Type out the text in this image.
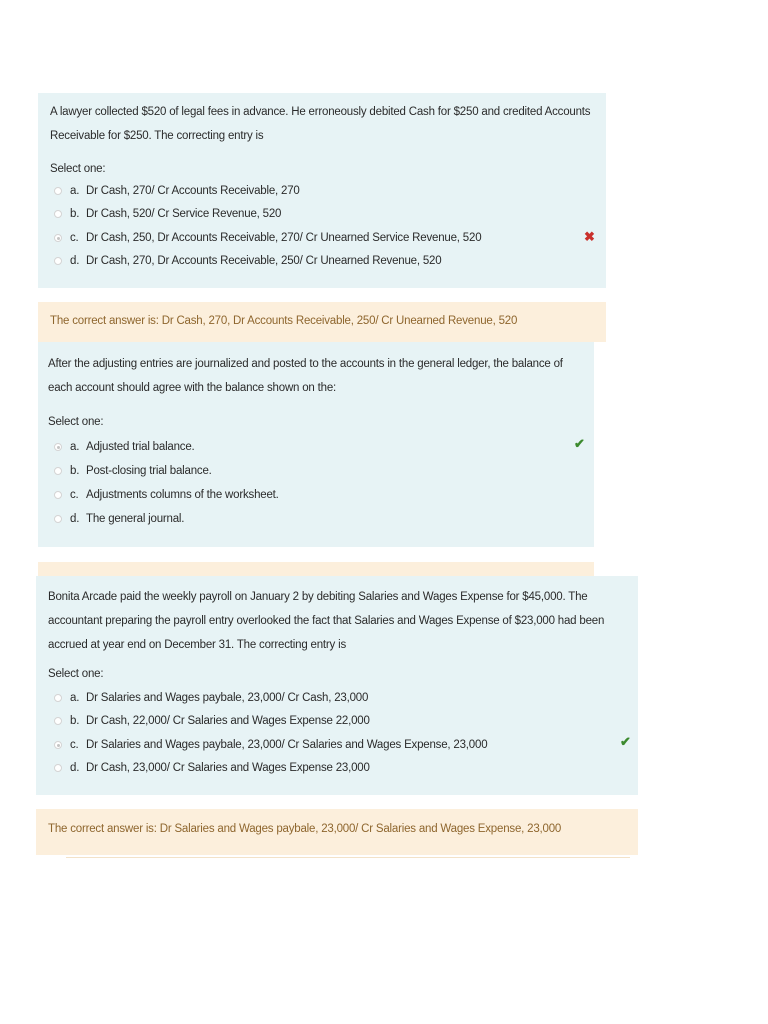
A lawyer collected $520 of legal fees in advance. He erroneously debited Cash for $250 and credited Accounts Receivable for $250. The correcting entry is
Select one:
a. Dr Cash, 270/ Cr Accounts Receivable, 270
b. Dr Cash, 520/ Cr Service Revenue, 520
c. Dr Cash, 250, Dr Accounts Receivable, 270/ Cr Unearned Service Revenue, 520
d. Dr Cash, 270, Dr Accounts Receivable, 250/ Cr Unearned Revenue, 520
✖
The correct answer is: Dr Cash, 270, Dr Accounts Receivable, 250/ Cr Unearned Revenue, 520
After the adjusting entries are journalized and posted to the accounts in the general ledger, the balance of each account should agree with the balance shown on the:
Select one:
a. Adjusted trial balance.
b. Post-closing trial balance.
c. Adjustments columns of the worksheet.
d. The general journal.
✔
Bonita Arcade paid the weekly payroll on January 2 by debiting Salaries and Wages Expense for $45,000. The accountant preparing the payroll entry overlooked the fact that Salaries and Wages Expense of $23,000 had been accrued at year end on December 31. The correcting entry is
Select one:
a. Dr Salaries and Wages paybale, 23,000/ Cr Cash, 23,000
b. Dr Cash, 22,000/ Cr Salaries and Wages Expense 22,000
c. Dr Salaries and Wages paybale, 23,000/ Cr Salaries and Wages Expense, 23,000
d. Dr Cash, 23,000/ Cr Salaries and Wages Expense 23,000
✔
The correct answer is: Dr Salaries and Wages paybale, 23,000/ Cr Salaries and Wages Expense, 23,000
